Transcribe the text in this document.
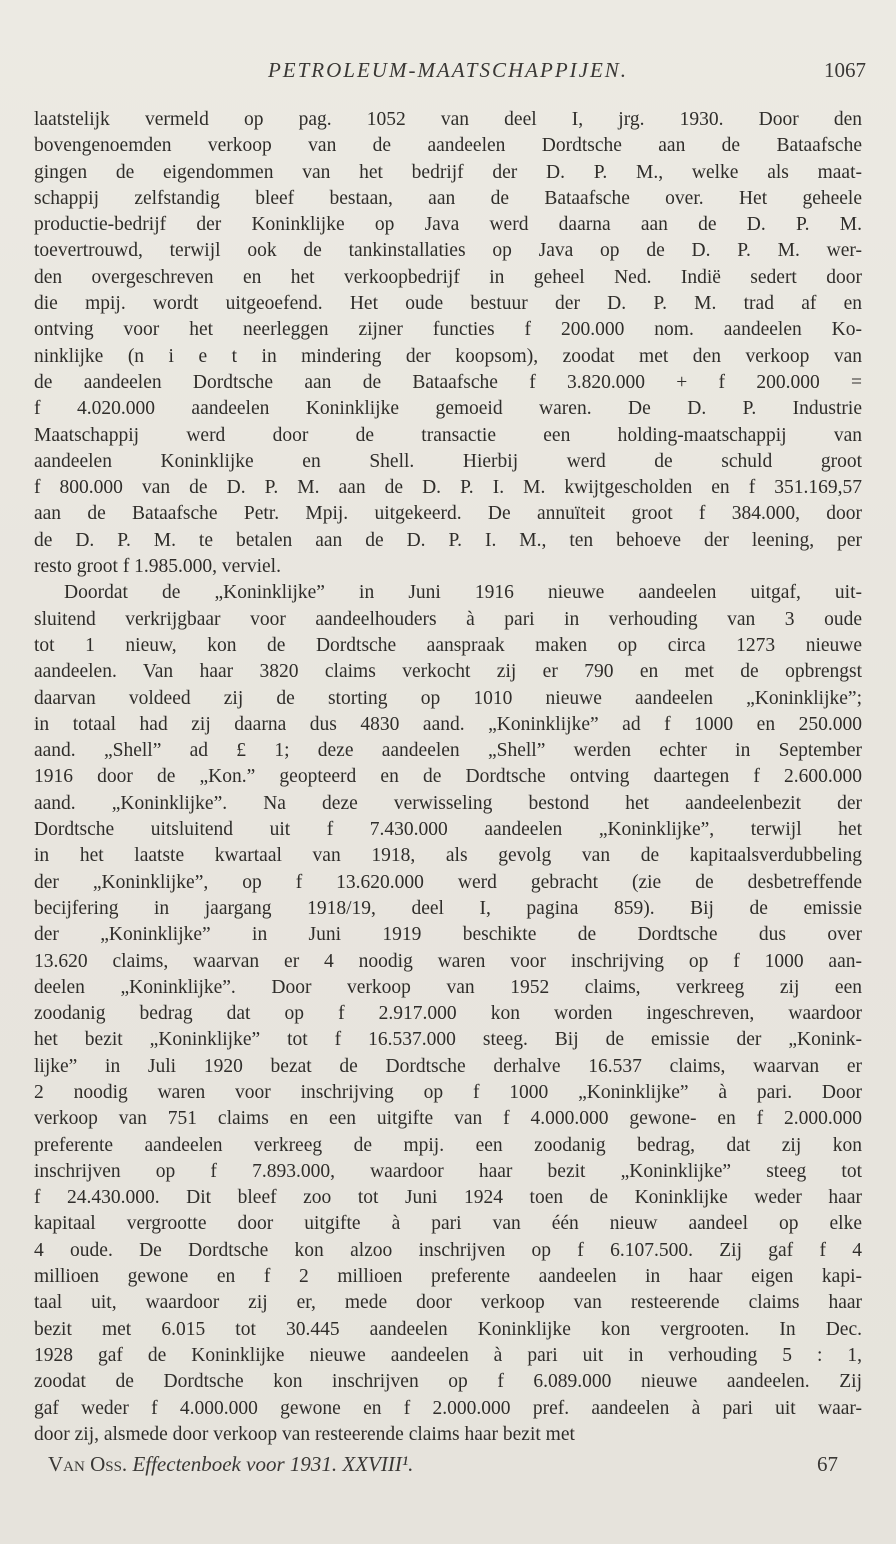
PETROLEUM-MAATSCHAPPIJEN.	1067
laatstelijk vermeld op pag. 1052 van deel I, jrg. 1930. Door den
bovengenoemden verkoop van de aandeelen Dordtsche aan de Bataafsche
gingen de eigendommen van het bedrijf der D. P. M., welke als maat-
schappij zelfstandig bleef bestaan, aan de Bataafsche over. Het geheele
productie-bedrijf der Koninklijke op Java werd daarna aan de D. P. M.
toevertrouwd, terwijl ook de tankinstallaties op Java op de D. P. M. wer-
den overgeschreven en het verkoopbedrijf in geheel Ned. Indië sedert door
die mpij. wordt uitgeoefend. Het oude bestuur der D. P. M. trad af en
ontving voor het neerleggen zijner functies f 200.000 nom. aandeelen Ko-
ninklijke (n i e t in mindering der koopsom), zoodat met den verkoop van
de aandeelen Dordtsche aan de Bataafsche f 3.820.000 + f 200.000 =
f 4.020.000 aandeelen Koninklijke gemoeid waren. De D. P. Industrie
Maatschappij werd door de transactie een holding-maatschappij van
aandeelen Koninklijke en Shell. Hierbij werd de schuld groot
f 800.000 van de D. P. M. aan de D. P. I. M. kwijtgescholden en f 351.169,57
aan de Bataafsche Petr. Mpij. uitgekeerd. De annuïteit groot f 384.000, door
de D. P. M. te betalen aan de D. P. I. M., ten behoeve der leening, per
resto groot f 1.985.000, verviel.
Doordat de „Koninklijke” in Juni 1916 nieuwe aandeelen uitgaf, uit-
sluitend verkrijgbaar voor aandeelhouders à pari in verhouding van 3 oude
tot 1 nieuw, kon de Dordtsche aanspraak maken op circa 1273 nieuwe
aandeelen. Van haar 3820 claims verkocht zij er 790 en met de opbrengst
daarvan voldeed zij de storting op 1010 nieuwe aandeelen „Koninklijke”;
in totaal had zij daarna dus 4830 aand. „Koninklijke” ad f 1000 en 250.000
aand. „Shell” ad £ 1; deze aandeelen „Shell” werden echter in September
1916 door de „Kon.” geopteerd en de Dordtsche ontving daartegen f 2.600.000
aand. „Koninklijke”. Na deze verwisseling bestond het aandeelenbezit der
Dordtsche uitsluitend uit f 7.430.000 aandeelen „Koninklijke”, terwijl het
in het laatste kwartaal van 1918, als gevolg van de kapitaalsverdubbeling
der „Koninklijke”, op f 13.620.000 werd gebracht (zie de desbetreffende
becijfering in jaargang 1918/19, deel I, pagina 859). Bij de emissie
der „Koninklijke” in Juni 1919 beschikte de Dordtsche dus over
13.620 claims, waarvan er 4 noodig waren voor inschrijving op f 1000 aan-
deelen „Koninklijke”. Door verkoop van 1952 claims, verkreeg zij een
zoodanig bedrag dat op f 2.917.000 kon worden ingeschreven, waardoor
het bezit „Koninklijke” tot f 16.537.000 steeg. Bij de emissie der „Konink-
lijke” in Juli 1920 bezat de Dordtsche derhalve 16.537 claims, waarvan er
2 noodig waren voor inschrijving op f 1000 „Koninklijke” à pari. Door
verkoop van 751 claims en een uitgifte van f 4.000.000 gewone- en f 2.000.000
preferente aandeelen verkreeg de mpij. een zoodanig bedrag, dat zij kon
inschrijven op f 7.893.000, waardoor haar bezit „Koninklijke” steeg tot
f 24.430.000. Dit bleef zoo tot Juni 1924 toen de Koninklijke weder haar
kapitaal vergrootte door uitgifte à pari van één nieuw aandeel op elke
4 oude. De Dordtsche kon alzoo inschrijven op f 6.107.500. Zij gaf f 4
millioen gewone en f 2 millioen preferente aandeelen in haar eigen kapi-
taal uit, waardoor zij er, mede door verkoop van resteerende claims haar
bezit met 6.015 tot 30.445 aandeelen Koninklijke kon vergrooten. In Dec.
1928 gaf de Koninklijke nieuwe aandeelen à pari uit in verhouding 5 : 1,
zoodat de Dordtsche kon inschrijven op f 6.089.000 nieuwe aandeelen. Zij
gaf weder f 4.000.000 gewone en f 2.000.000 pref. aandeelen à pari uit waar-
door zij, alsmede door verkoop van resteerende claims haar bezit met
Van Oss. Effectenboek voor 1931. XXVIII¹.	67
